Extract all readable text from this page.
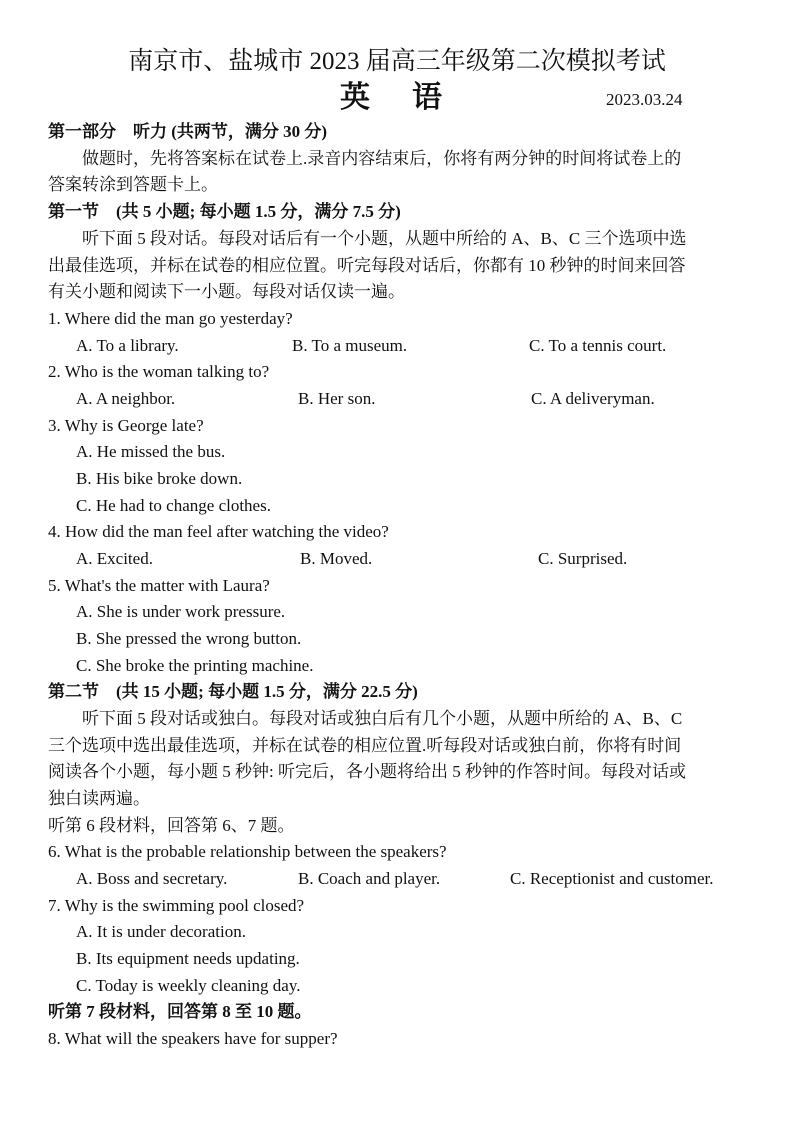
南京市、盐城市 2023 届高三年级第二次模拟考试
英语	2023.03.24
第一部分　听力 (共两节，满分 30 分)
　　做题时，先将答案标在试卷上.录音内容结束后，你将有两分钟的时间将试卷上的
答案转涂到答题卡上。
第一节　(共 5 小题; 每小题 1.5 分，满分 7.5 分)
　　听下面 5 段对话。每段对话后有一个小题，从题中所给的 A、B、C 三个选项中选
出最佳选项，并标在试卷的相应位置。听完每段对话后，你都有 10 秒钟的时间来回答
有关小题和阅读下一小题。每段对话仅读一遍。
1. Where did the man go yesterday?
A. To a library.	B. To a museum.	C. To a tennis court.
2. Who is the woman talking to?
A. A neighbor.	B. Her son.	C. A deliveryman.
3. Why is George late?
A. He missed the bus.
B. His bike broke down.
C. He had to change clothes.
4. How did the man feel after watching the video?
A. Excited.	B. Moved.	C. Surprised.
5. What's the matter with Laura?
A. She is under work pressure.
B. She pressed the wrong button.
C. She broke the printing machine.
第二节　(共 15 小题; 每小题 1.5 分，满分 22.5 分)
　　听下面 5 段对话或独白。每段对话或独白后有几个小题，从题中所给的 A、B、C
三个选项中选出最佳选项，并标在试卷的相应位置.听每段对话或独白前，你将有时间
阅读各个小题，每小题 5 秒钟: 听完后，各小题将给出 5 秒钟的作答时间。每段对话或
独白读两遍。
听第 6 段材料，回答第 6、7 题。
6. What is the probable relationship between the speakers?
A. Boss and secretary.	B. Coach and player.	C. Receptionist and customer.
7. Why is the swimming pool closed?
A. It is under decoration.
B. Its equipment needs updating.
C. Today is weekly cleaning day.
听第 7 段材料，回答第 8 至 10 题。
8. What will the speakers have for supper?
